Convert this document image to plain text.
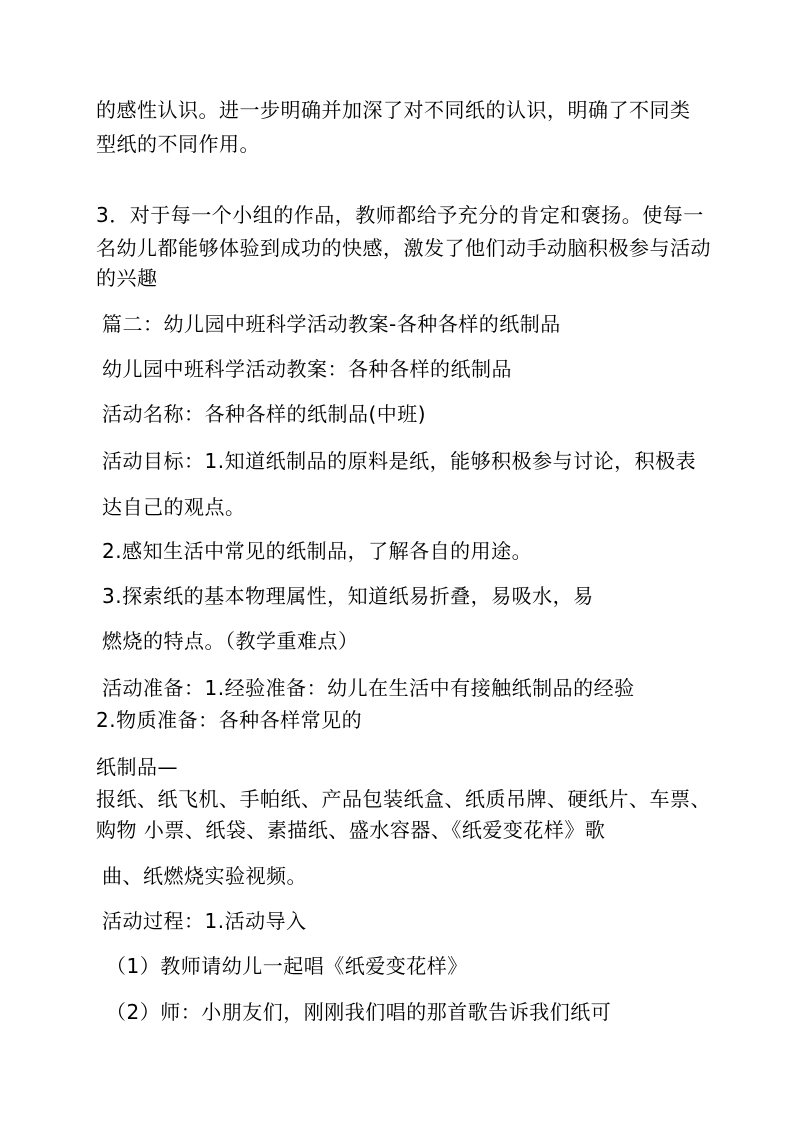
的感性认识。进一步明确并加深了对不同纸的认识，明确了不同类
型纸的不同作用。
3．对于每一个小组的作品，教师都给予充分的肯定和褒扬。使每一
名幼儿都能够体验到成功的快感，激发了他们动手动脑积极参与活动
的兴趣
篇二：幼儿园中班科学活动教案-各种各样的纸制品
幼儿园中班科学活动教案：各种各样的纸制品
活动名称：各种各样的纸制品(中班)
活动目标：1.知道纸制品的原料是纸，能够积极参与讨论，积极表
达自己的观点。
2.感知生活中常见的纸制品，了解各自的用途。
3.探索纸的基本物理属性，知道纸易折叠，易吸水，易
燃烧的特点。（教学重难点）
活动准备：1.经验准备：幼儿在生活中有接触纸制品的经验
2.物质准备：各种各样常见的
纸制品—
报纸、纸飞机、手帕纸、产品包装纸盒、纸质吊牌、硬纸片、车票、
购物 小票、纸袋、素描纸、盛水容器、《纸爱变花样》歌
曲、纸燃烧实验视频。
活动过程：1.活动导入
（1）教师请幼儿一起唱《纸爱变花样》
（2）师：小朋友们，刚刚我们唱的那首歌告诉我们纸可
